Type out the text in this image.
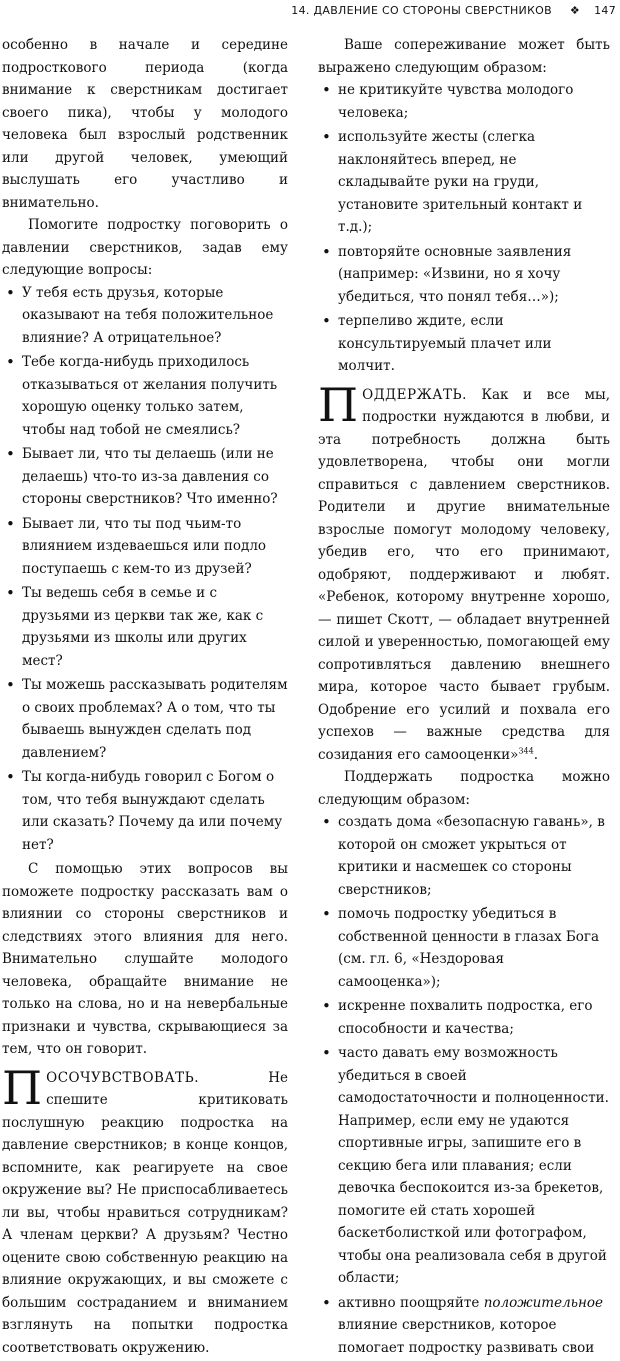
14. ДАВЛЕНИЕ СО СТОРОНЫ СВЕРСТНИКОВ ❖ 147

особенно в начале и середине подросткового периода (когда внимание к сверстникам достигает своего пика), чтобы у молодого человека был взрослый родственник или другой человек, умеющий выслушать его участливо и внимательно.

Помогите подростку поговорить о давлении сверстников, задав ему следующие вопросы:

• У тебя есть друзья, которые оказывают на тебя положительное влияние? А отрицательное?
• Тебе когда-нибудь приходилось отказываться от желания получить хорошую оценку только затем, чтобы над тобой не смеялись?
• Бывает ли, что ты делаешь (или не делаешь) что-то из-за давления со стороны сверстников? Что именно?
• Бывает ли, что ты под чьим-то влиянием издеваешься или подло поступаешь с кем-то из друзей?
• Ты ведешь себя в семье и с друзьями из церкви так же, как с друзьями из школы или других мест?
• Ты можешь рассказывать родителям о своих проблемах? А о том, что ты бываешь вынужден сделать под давлением?
• Ты когда-нибудь говорил с Богом о том, что тебя вынуждают сделать или сказать? Почему да или почему нет?

С помощью этих вопросов вы поможете подростку рассказать вам о влиянии со стороны сверстников и следствиях этого влияния для него. Внимательно слушайте молодого человека, обращайте внимание не только на слова, но и на невербальные признаки и чувства, скрывающиеся за тем, что он говорит.

ПОСОЧУВСТВОВАТЬ. Не спешите критиковать послушную реакцию подростка на давление сверстников; в конце концов, вспомните, как реагируете на свое окружение вы? Не приспосабливаетесь ли вы, чтобы нравиться сотрудникам? А членам церкви? А друзьям? Честно оцените свою собственную реакцию на влияние окружающих, и вы сможете с большим состраданием и вниманием взглянуть на попытки подростка соответствовать окружению.

Ваше сопереживание может быть выражено следующим образом:

• не критикуйте чувства молодого человека;
• используйте жесты (слегка наклоняйтесь вперед, не складывайте руки на груди, установите зрительный контакт и т.д.);
• повторяйте основные заявления (например: «Извини, но я хочу убедиться, что понял тебя…»);
• терпеливо ждите, если консультируемый плачет или молчит.

ПОДДЕРЖАТЬ. Как и все мы, подростки нуждаются в любви, и эта потребность должна быть удовлетворена, чтобы они могли справиться с давлением сверстников. Родители и другие внимательные взрослые помогут молодому человеку, убедив его, что его принимают, одобряют, поддерживают и любят. «Ребенок, которому внутренне хорошо, — пишет Скотт, — обладает внутренней силой и уверенностью, помогающей ему сопротивляться давлению внешнего мира, которое часто бывает грубым. Одобрение его усилий и похвала его успехов — важные средства для созидания его самооценки»$^{344}$.

Поддержать подростка можно следующим образом:

• создать дома «безопасную гавань», в которой он сможет укрыться от критики и насмешек со стороны сверстников;
• помочь подростку убедиться в собственной ценности в глазах Бога (см. гл. 6, «Нездоровая самооценка»);
• искренне похвалить подростка, его способности и качества;
• часто давать ему возможность убедиться в своей самодостаточности и полноценности. Например, если ему не удаются спортивные игры, запишите его в секцию бега или плавания; если девочка беспокоится из-за брекетов, помогите ей стать хорошей баскетболисткой или фотографом, чтобы она реализовала себя в другой области;
• активно поощряйте положительное влияние сверстников, которое помогает подростку развивать свои
